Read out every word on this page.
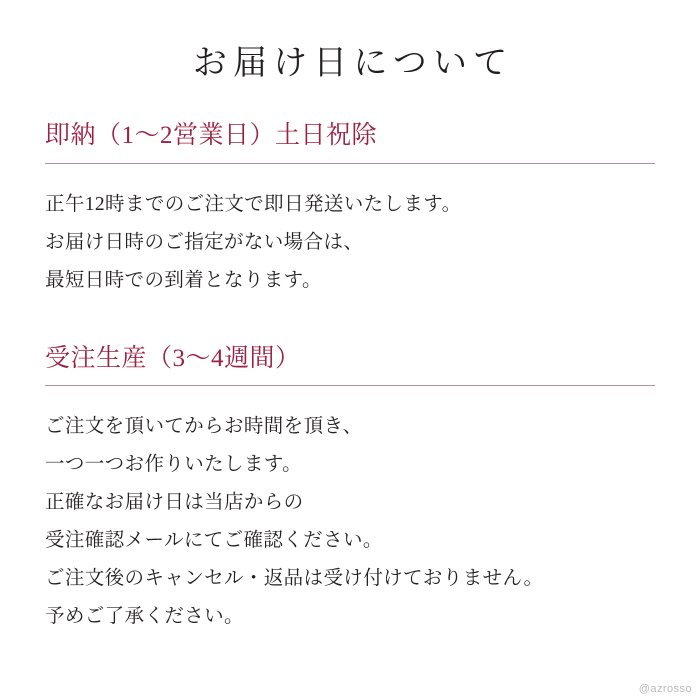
お届け日について
即納（1～2営業日）土日祝除

正午12時までのご注文で即日発送いたします。

お届け日時のご指定がない場合は、

最短日時での到着となります。

受注生産（3～4週間）

ご注文を頂いてからお時間を頂き、

一つ一つお作りいたします。

正確なお届け日は当店からの

受注確認メールにてご確認ください。

ご注文後のキャンセル・返品は受け付けておりません。

予めご了承ください。

@azrosso
